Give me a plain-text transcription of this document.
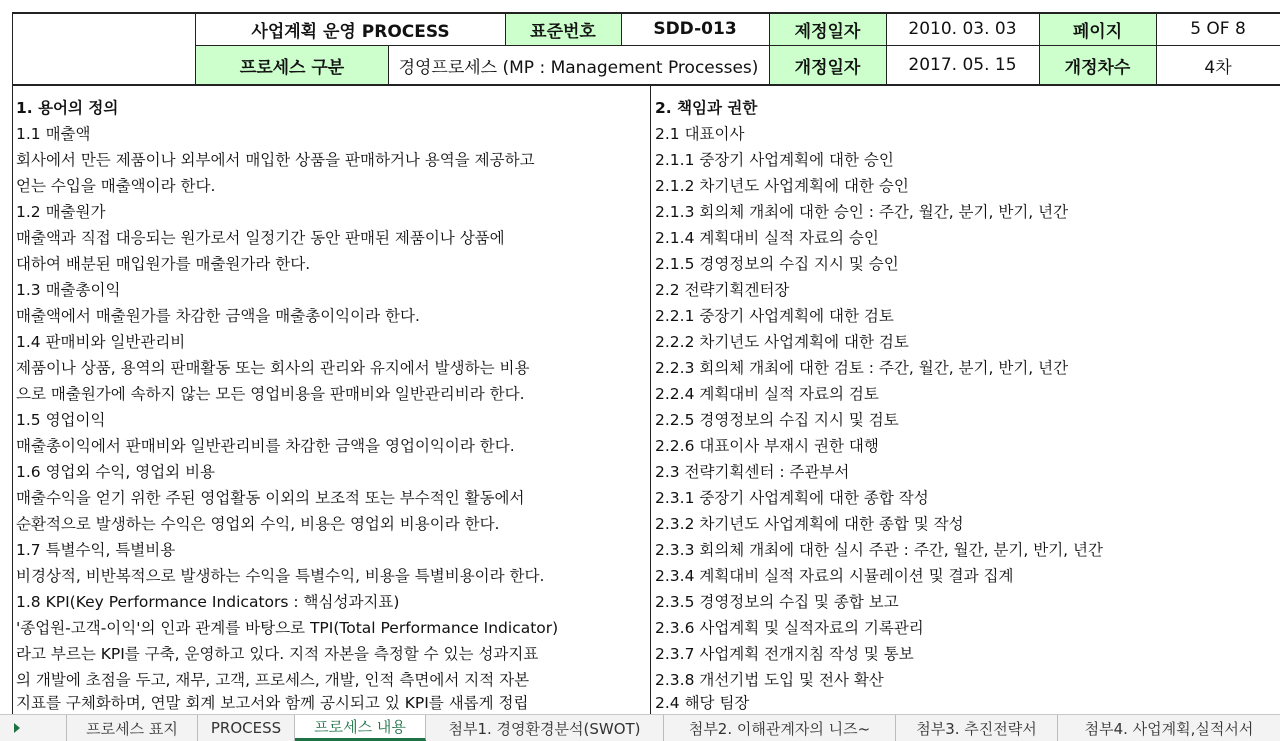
사업계획 운영 PROCESS	표준번호	SDD-013	제정일자	2010. 03. 03	페이지	5 OF 8
프로세스 구분	경영프로세스 (MP : Management Processes)	개정일자	2017. 05. 15	개정차수	4차
1. 용어의 정의
1.1 매출액
회사에서 만든 제품이나 외부에서 매입한 상품을 판매하거나 용역을 제공하고
얻는 수입을 매출액이라 한다.
1.2 매출원가
매출액과 직접 대응되는 원가로서 일정기간 동안 판매된 제품이나 상품에
대하여 배분된 매입원가를 매출원가라 한다.
1.3 매출총이익
매출액에서 매출원가를 차감한 금액을 매출총이익이라 한다.
1.4 판매비와 일반관리비
제품이나 상품, 용역의 판매활동 또는 회사의 관리와 유지에서 발생하는 비용
으로 매출원가에 속하지 않는 모든 영업비용을 판매비와 일반관리비라 한다.
1.5 영업이익
매출총이익에서 판매비와 일반관리비를 차감한 금액을 영업이익이라 한다.
1.6 영업외 수익, 영업외 비용
매출수익을 얻기 위한 주된 영업활동 이외의 보조적 또는 부수적인 활동에서
순환적으로 발생하는 수익은 영업외 수익, 비용은 영업외 비용이라 한다.
1.7 특별수익, 특별비용
비경상적, 비반복적으로 발생하는 수익을 특별수익, 비용을 특별비용이라 한다.
1.8 KPI(Key Performance Indicators : 핵심성과지표)
'종업원-고객-이익'의 인과 관계를 바탕으로 TPI(Total Performance Indicator)
라고 부르는 KPI를 구축, 운영하고 있다. 지적 자본을 측정할 수 있는 성과지표
의 개발에 초점을 두고, 재무, 고객, 프로세스, 개발, 인적 측면에서 지적 자본
지표를 구체화하며, 연말 회계 보고서와 함께 공시되고 있 KPI를 새롭게 정립
2. 책임과 권한
2.1 대표이사
2.1.1 중장기 사업계획에 대한 승인
2.1.2 차기년도 사업계획에 대한 승인
2.1.3 회의체 개최에 대한 승인 : 주간, 월간, 분기, 반기, 년간
2.1.4 계획대비 실적 자료의 승인
2.1.5 경영정보의 수집 지시 및 승인
2.2 전략기획겐터장
2.2.1 중장기 사업계획에 대한 검토
2.2.2 차기년도 사업계획에 대한 검토
2.2.3 회의체 개최에 대한 검토 : 주간, 월간, 분기, 반기, 년간
2.2.4 계획대비 실적 자료의 검토
2.2.5 경영정보의 수집 지시 및 검토
2.2.6 대표이사 부재시 권한 대행
2.3 전략기획센터 : 주관부서
2.3.1 중장기 사업계획에 대한 종합 작성
2.3.2 차기년도 사업계획에 대한 종합 및 작성
2.3.3 회의체 개최에 대한 실시 주관 : 주간, 월간, 분기, 반기, 년간
2.3.4 계획대비 실적 자료의 시뮬레이션 및 결과 집계
2.3.5 경영정보의 수집 및 종합 보고
2.3.6 사업계획 및 실적자료의 기록관리
2.3.7 사업계획 전개지침 작성 및 통보
2.3.8 개선기법 도입 및 전사 확산
2.4 해당 팀장
프로세스 표지	PROCESS	프로세스 내용	첨부1. 경영환경분석(SWOT)	첨부2. 이해관계자의 니즈~	첨부3. 추진전략서	첨부4. 사업계획,실적서서
